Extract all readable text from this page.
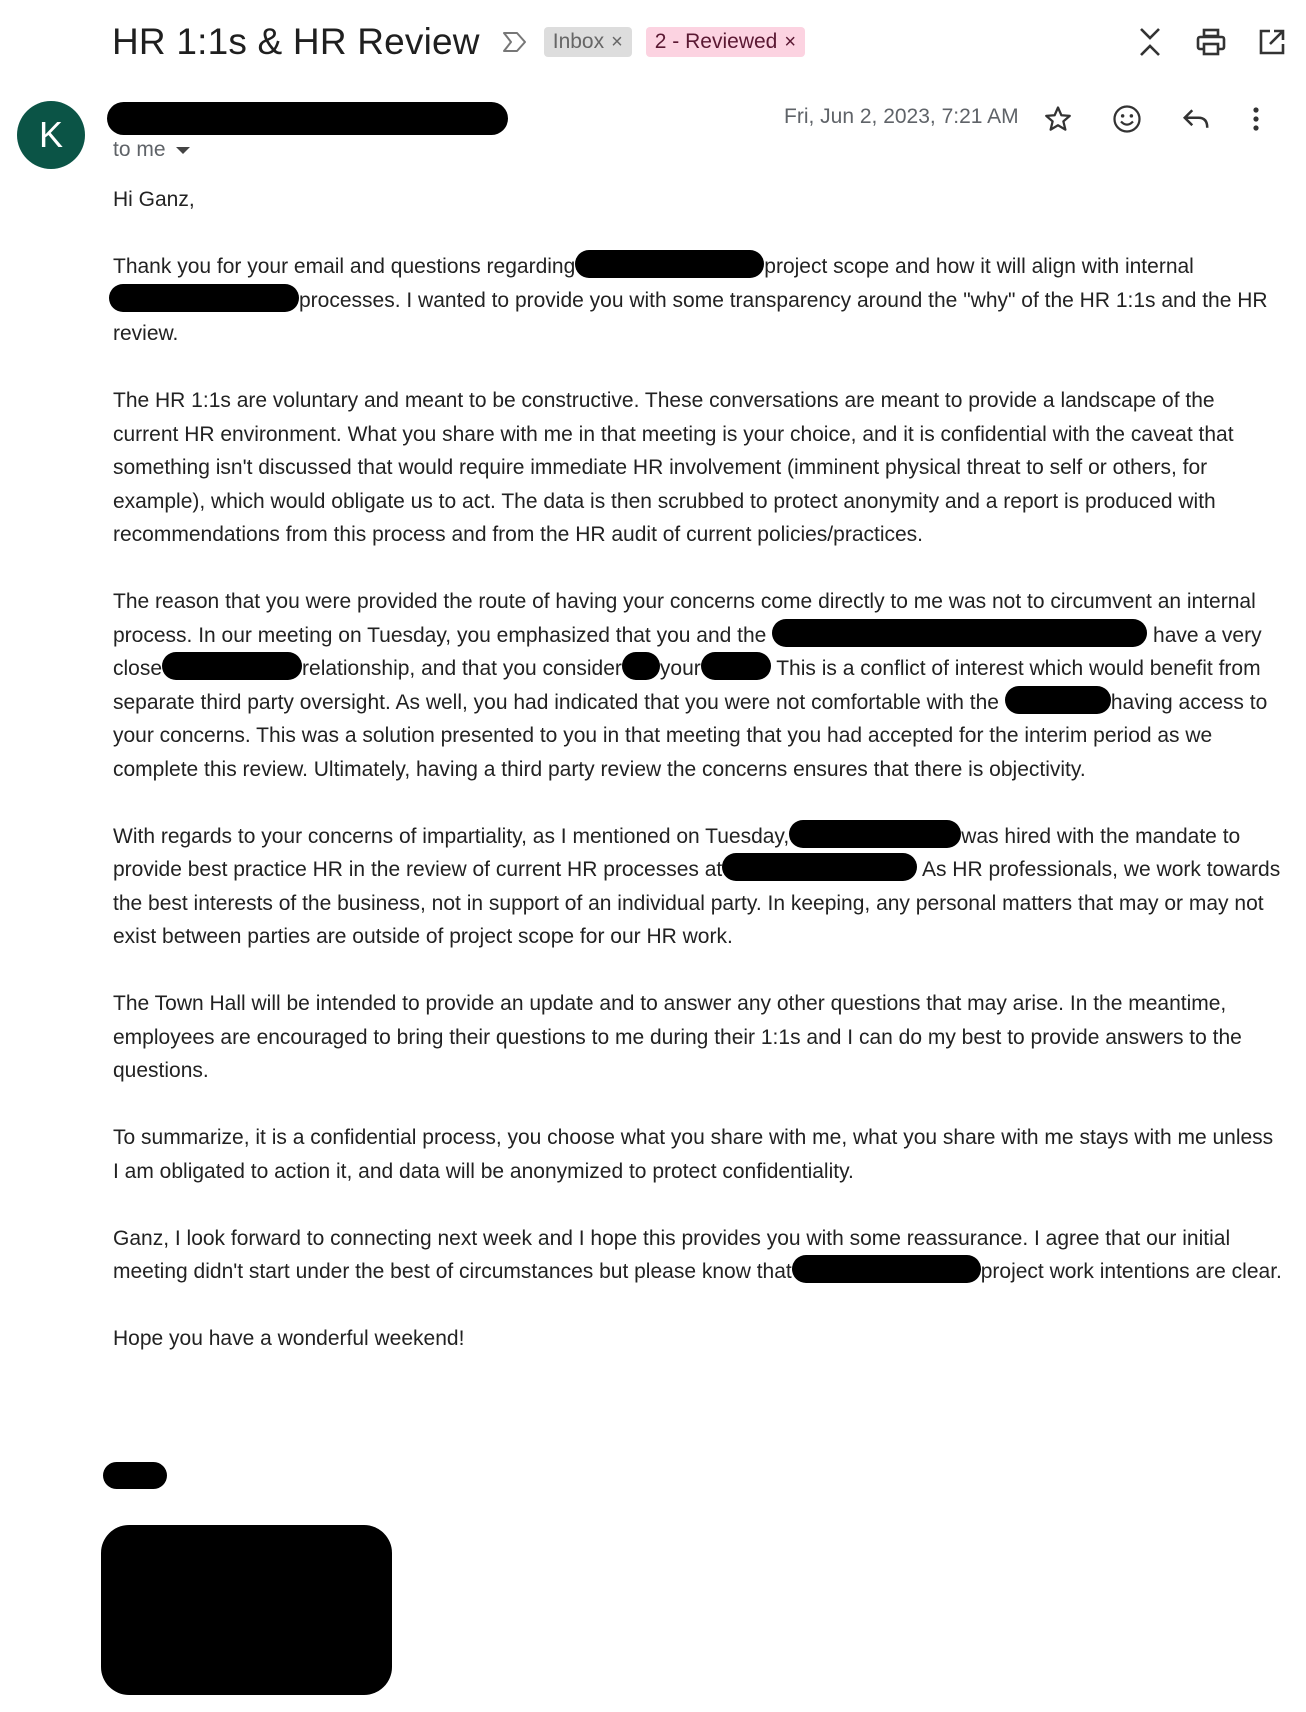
HR 1:1s & HR Review	Inbox × 2 - Reviewed ×
K to me
Fri, Jun 2, 2023, 7:21 AM

Hi Ganz,

Thank you for your email and questions regarding	project scope and how it will align with internal processes. I wanted to provide you with some transparency around the "why" of the HR 1:1s and the HR review.

The HR 1:1s are voluntary and meant to be constructive. These conversations are meant to provide a landscape of the current HR environment. What you share with me in that meeting is your choice, and it is confidential with the caveat that something isn't discussed that would require immediate HR involvement (imminent physical threat to self or others, for example), which would obligate us to act. The data is then scrubbed to protect anonymity and a report is produced with recommendations from this process and from the HR audit of current policies/practices.

The reason that you were provided the route of having your concerns come directly to me was not to circumvent an internal process. In our meeting on Tuesday, you emphasized that you and the	have a very close	relationship, and that you consider your	This is a conflict of interest which would benefit from separate third party oversight. As well, you had indicated that you were not comfortable with the	having access to your concerns. This was a solution presented to you in that meeting that you had accepted for the interim period as we complete this review. Ultimately, having a third party review the concerns ensures that there is objectivity.

With regards to your concerns of impartiality, as I mentioned on Tuesday,	was hired with the mandate to provide best practice HR in the review of current HR processes at	As HR professionals, we work towards the best interests of the business, not in support of an individual party. In keeping, any personal matters that may or may not exist between parties are outside of project scope for our HR work.

The Town Hall will be intended to provide an update and to answer any other questions that may arise. In the meantime, employees are encouraged to bring their questions to me during their 1:1s and I can do my best to provide answers to the questions.

To summarize, it is a confidential process, you choose what you share with me, what you share with me stays with me unless I am obligated to action it, and data will be anonymized to protect confidentiality.

Ganz, I look forward to connecting next week and I hope this provides you with some reassurance. I agree that our initial meeting didn't start under the best of circumstances but please know that	project work intentions are clear.

Hope you have a wonderful weekend!
